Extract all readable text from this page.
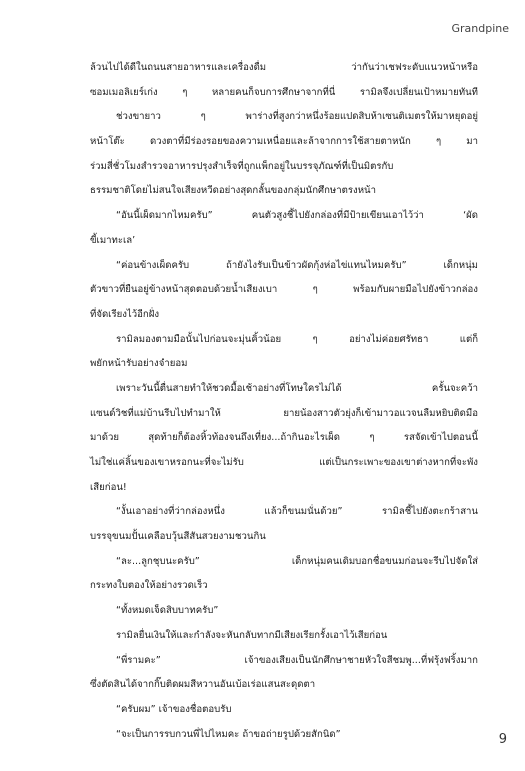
Grandpine
ล้วนไปได้ดีในถนนสายอาหารและเครื่องดื่ม ว่ากันว่าเชฟระดับแนวหน้าหรือ
ซอมเมอลิเยร์เก่ง ๆ หลายคนก็จบการศึกษาจากที่นี่ รามิลจึงเปลี่ยนเป้าหมายทันที
ช่วงขายาว ๆ พาร่างที่สูงกว่าหนึ่งร้อยแปดสิบห้าเซนติเมตรให้มาหยุดอยู่
หน้าโต๊ะ ดวงตาที่มีร่องรอยของความเหนื่อยและล้าจากการใช้สายตาหนัก ๆ มา
ร่วมสี่ชั่วโมงสำรวจอาหารปรุงสำเร็จที่ถูกแพ็กอยู่ในบรรจุภัณฑ์ที่เป็นมิตรกับ
ธรรมชาติโดยไม่สนใจเสียงหวีดอย่างสุดกลั้นของกลุ่มนักศึกษาตรงหน้า
“อันนี้เผ็ดมากไหมครับ” คนตัวสูงชี้ไปยังกล่องที่มีป้ายเขียนเอาไว้ว่า ‘ผัด
ขี้เมาทะเล’
“ค่อนข้างเผ็ดครับ ถ้ายังไงรับเป็นข้าวผัดกุ้งห่อไข่แทนไหมครับ” เด็กหนุ่ม
ตัวขาวที่ยืนอยู่ข้างหน้าสุดตอบด้วยน้ำเสียงเบา ๆ พร้อมกับผายมือไปยังข้าวกล่อง
ที่จัดเรียงไว้อีกฝั่ง
รามิลมองตามมือนั้นไปก่อนจะมุ่นคิ้วน้อย ๆ อย่างไม่ค่อยศรัทธา แต่ก็
พยักหน้ารับอย่างจำยอม
เพราะวันนี้ตื่นสายทำให้ชวดมื้อเช้าอย่างที่โทษใครไม่ได้ ครั้นจะคว้า
แซนด์วิชที่แม่บ้านรีบไปทำมาให้ ยายน้องสาวตัวยุ่งก็เข้ามาวอแวจนลืมหยิบติดมือ
มาด้วย สุดท้ายก็ต้องหิ้วท้องจนถึงเที่ยง...ถ้ากินอะไรเผ็ด ๆ รสจัดเข้าไปตอนนี้
ไม่ใช่แค่ลิ้นของเขาหรอกนะที่จะไม่รับ แต่เป็นกระเพาะของเขาต่างหากที่จะพัง
เสียก่อน!
“งั้นเอาอย่างที่ว่ากล่องหนึ่ง แล้วก็ขนมนั่นด้วย” รามิลชี้ไปยังตะกร้าสาน
บรรจุขนมปั้นเคลือบวุ้นสีสันสวยงามชวนกิน
“ละ...ลูกชุบนะครับ” เด็กหนุ่มคนเดิมบอกชื่อขนมก่อนจะรีบไปจัดใส่
กระทงใบตองให้อย่างรวดเร็ว
“ทั้งหมดเจ็ดสิบบาทครับ”
รามิลยื่นเงินให้และกำลังจะหันกลับทากมีเสียงเรียกรั้งเอาไว้เสียก่อน
“พี่รามคะ” เจ้าของเสียงเป็นนักศึกษาชายหัวใจสีชมพู...ที่ฟรุ้งฟริ้งมาก
ซึ่งตัดสินได้จากกิ๊บติดผมสีหวานอันเบ้อเร่อแสนสะดุดตา
“ครับผม” เจ้าของชื่อตอบรับ
“จะเป็นการรบกวนพี่ไปไหมคะ ถ้าขอถ่ายรูปด้วยสักนิด”	9
